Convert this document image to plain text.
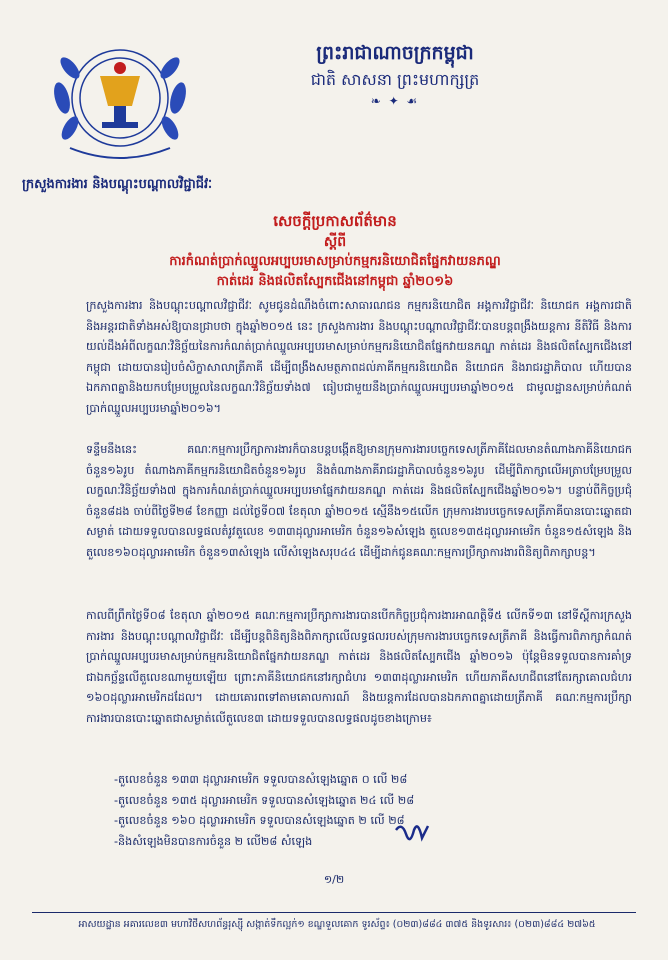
ព្រះរាជាណាចក្រកម្ពុជា
ជាតិ សាសនា ព្រះមហាក្សត្រ
❧ ✦ ☙
ក្រសួងការងារ និងបណ្តុះបណ្តាលវិជ្ជាជីវៈ
សេចក្តីប្រកាសព័ត៌មាន
ស្តីពី
ការកំណត់ប្រាក់ឈ្នួលអប្បបរមាសម្រាប់កម្មករនិយោជិតផ្នែកវាយនភណ្ឌ
កាត់ដេរ និងផលិតស្បែកជើងនៅកម្ពុជា ឆ្នាំ២០១៦
ក្រសួងការងារ និងបណ្តុះបណ្តាលវិជ្ជាជីវៈ សូមជូនដំណឹងចំពោះសាធារណជន កម្មករនិយោជិត អង្គការវិជ្ជាជីវៈ និយោជក អង្គការជាតិ និងអន្តរជាតិទាំងអស់ឱ្យបានជ្រាបថា ក្នុងឆ្នាំ២០១៥ នេះ ក្រសួងការងារ និងបណ្តុះបណ្តាលវិជ្ជាជីវៈបានបន្តពង្រឹងយន្តការ នីតិវិធី និងការយល់ដឹងអំពីលក្ខណៈវិនិច្ឆ័យនៃការកំណត់ប្រាក់ឈ្នួលអប្បបរមាសម្រាប់កម្មករនិយោជិតផ្នែកវាយនភណ្ឌ កាត់ដេរ និងផលិតស្បែកជើងនៅកម្ពុជា ដោយបានរៀបចំសិក្ខាសាលាត្រីភាគី ដើម្បីពង្រឹងសមត្ថភាពដល់ភាគីកម្មករនិយោជិត និយោជក និងរាជរដ្ឋាភិបាល ហើយបានឯកភាពគ្នានិងយកបម្រែបម្រួលនៃលក្ខណៈវិនិច្ឆ័យទាំង៧ ធៀបជាមួយនឹងប្រាក់ឈ្នួលអប្បបរមាឆ្នាំ២០១៥ ជាមូលដ្ឋានសម្រាប់កំណត់ប្រាក់ឈ្នួលអប្បបរមាឆ្នាំ២០១៦។
ទន្ទឹមនឹងនេះ គណៈកម្មការប្រឹក្សាការងារក៏បានបន្តបង្កើតឱ្យមានក្រុមការងារបច្ចេកទេសត្រីភាគីដែលមានតំណាងភាគីនិយោជកចំនួន១៦រូប តំណាងភាគីកម្មករនិយោជិតចំនួន១៦រូប និងតំណាងភាគីរាជរដ្ឋាភិបាលចំនួន១៦រូប ដើម្បីពិភាក្សាលើអត្រាបម្រែបម្រួលលក្ខណៈវិនិច្ឆ័យទាំង៧ ក្នុងការកំណត់ប្រាក់ឈ្នួលអប្បបរមាផ្នែកវាយនភណ្ឌ កាត់ដេរ និងផលិតស្បែកជើងឆ្នាំ២០១៦។ បន្ទាប់ពីកិច្ចប្រជុំចំនួន៨ដង ចាប់ពីថ្ងៃទី២៨ ខែកញ្ញា ដល់ថ្ងៃទី០៧ ខែតុលា ឆ្នាំ២០១៥ ស្មើនឹង១៥លើក ក្រុមការងារបច្ចេកទេសត្រីភាគីបានបោះឆ្នោតជាសម្ងាត់ ដោយទទួលបានលទ្ធផលតំរូវតួលេខ ១៣៣ដុល្លារអាមេរិក ចំនួន១៦សំឡេង តួលេខ១៣៥ដុល្លារអាមេរិក ចំនួន១៥សំឡេង និងតួលេខ១៦០ដុល្លារអាមេរិក ចំនួន១៣សំឡេង លើសំឡេងសរុប៤៤ ដើម្បីដាក់ជូនគណៈកម្មការប្រឹក្សាការងារពិនិត្យពិភាក្សាបន្ត។
កាលពីព្រឹកថ្ងៃទី០៨ ខែតុលា ឆ្នាំ២០១៥ គណៈកម្មការប្រឹក្សាការងារបានបើកកិច្ចប្រជុំការងារអាណត្តិទី៥ លើកទី១៣ នៅទីស្តីការក្រសួងការងារ និងបណ្តុះបណ្តាលវិជ្ជាជីវៈ ដើម្បីបន្តពិនិត្យនិងពិភាក្សាលើលទ្ធផលរបស់ក្រុមការងារបច្ចេកទេសត្រីភាគី និងធ្វើការពិភាក្សាកំណត់ប្រាក់ឈ្នួលអប្បបរមាសម្រាប់កម្មករនិយោជិតផ្នែកវាយនភណ្ឌ កាត់ដេរ និងផលិតស្បែកជើង ឆ្នាំ២០១៦ ប៉ុន្តែមិនទទួលបានការគាំទ្រជាឯកច្ឆ័ន្ទលើតួលេខណាមួយឡើយ ព្រោះភាគីនិយោជកនៅរក្សាជំហរ ១៣៣ដុល្លារអាមេរិក ហើយភាគីសហជីពនៅតែរក្សាគោលជំហរ ១៦០ដុល្លារអាមេរិកដដែល។ ដោយគោរពទៅតាមគោលការណ៍ និងយន្តការដែលបានឯកភាពគ្នាដោយត្រីភាគី គណៈកម្មការប្រឹក្សាការងារបានបោះឆ្នោតជាសម្ងាត់លើតួលេខ៣ ដោយទទួលបានលទ្ធផលដូចខាងក្រោម៖
-តួលេខចំនួន ១៣៣ ដុល្លារអាមេរិក ទទួលបានសំឡេងឆ្នោត ០ លើ ២៨
-តួលេខចំនួន ១៣៥ ដុល្លារអាមេរិក ទទួលបានសំឡេងឆ្នោត ២៤ លើ ២៨
-តួលេខចំនួន ១៦០ ដុល្លារអាមេរិក ទទួលបានសំឡេងឆ្នោត ២ លើ ២៨
-និងសំឡេងមិនបានការចំនួន ២ លើ២៨ សំឡេង
១/២
អាសយដ្ឋាន អគារលេខ៣ មហាវិថីសហព័ន្ធរុស្ស៊ី សង្កាត់ទឹកល្អក់១ ខណ្ឌទួលគោក ទូរស័ព្ទ៖ (០២៣)៨៨៤ ៣៧៥ និងទូរសារ៖ (០២៣)៨៨៤ ២៧៦៥
